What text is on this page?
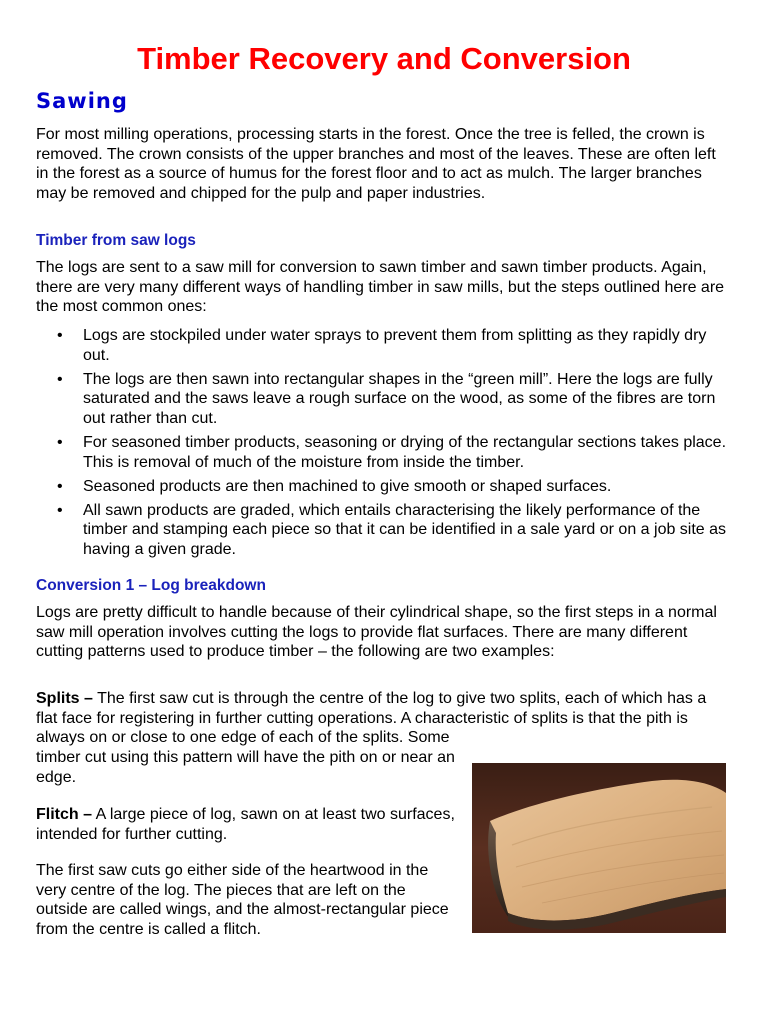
Timber Recovery and Conversion
Sawing

For most milling operations, processing starts in the forest. Once the tree is felled, the crown is removed. The crown consists of the upper branches and most of the leaves. These are often left in the forest as a source of humus for the forest floor and to act as mulch. The larger branches may be removed and chipped for the pulp and paper industries.

Timber from saw logs

The logs are sent to a saw mill for conversion to sawn timber and sawn timber products. Again, there are very many different ways of handling timber in saw mills, but the steps outlined here are the most common ones:

• Logs are stockpiled under water sprays to prevent them from splitting as they rapidly dry out.
• The logs are then sawn into rectangular shapes in the “green mill”. Here the logs are fully saturated and the saws leave a rough surface on the wood, as some of the fibres are torn out rather than cut.
• For seasoned timber products, seasoning or drying of the rectangular sections takes place. This is removal of much of the moisture from inside the timber.
• Seasoned products are then machined to give smooth or shaped surfaces.
• All sawn products are graded, which entails characterising the likely performance of the timber and stamping each piece so that it can be identified in a sale yard or on a job site as having a given grade.
Conversion 1 – Log breakdown

Logs are pretty difficult to handle because of their cylindrical shape, so the first steps in a normal saw mill operation involves cutting the logs to provide flat surfaces. There are many different cutting patterns used to produce timber – the following are two examples:

Splits – The first saw cut is through the centre of the log to give two splits, each of which has a flat face for registering in further cutting operations. A characteristic of splits is that the pith is always on or close to one edge of each of the splits. Some

timber cut using this pattern will have the pith on or near an edge.

Flitch – A large piece of log, sawn on at least two surfaces, intended for further cutting.

The first saw cuts go either side of the heartwood in the very centre of the log. The pieces that are left on the outside are called wings, and the almost-rectangular piece from the centre is called a flitch.
